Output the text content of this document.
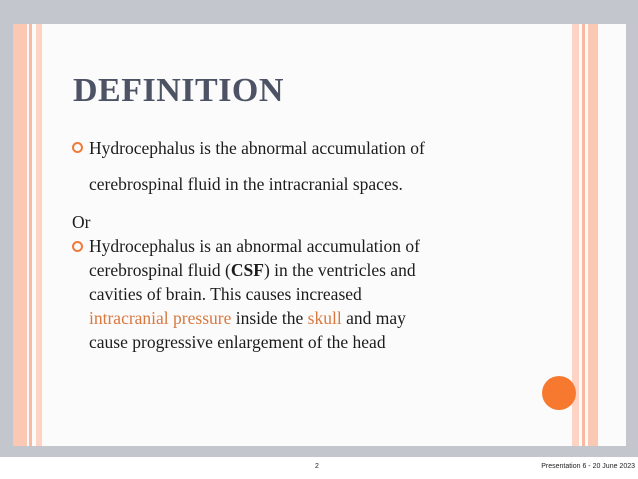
DEFINITION
Hydrocephalus is the abnormal accumulation of
cerebrospinal fluid in the intracranial spaces.
Or
Hydrocephalus is an abnormal accumulation of
cerebrospinal fluid (CSF) in the ventricles and
cavities of brain. This causes increased
intracranial pressure inside the skull and may
cause progressive enlargement of the head
2	Presentation 6 - 20 June 2023
